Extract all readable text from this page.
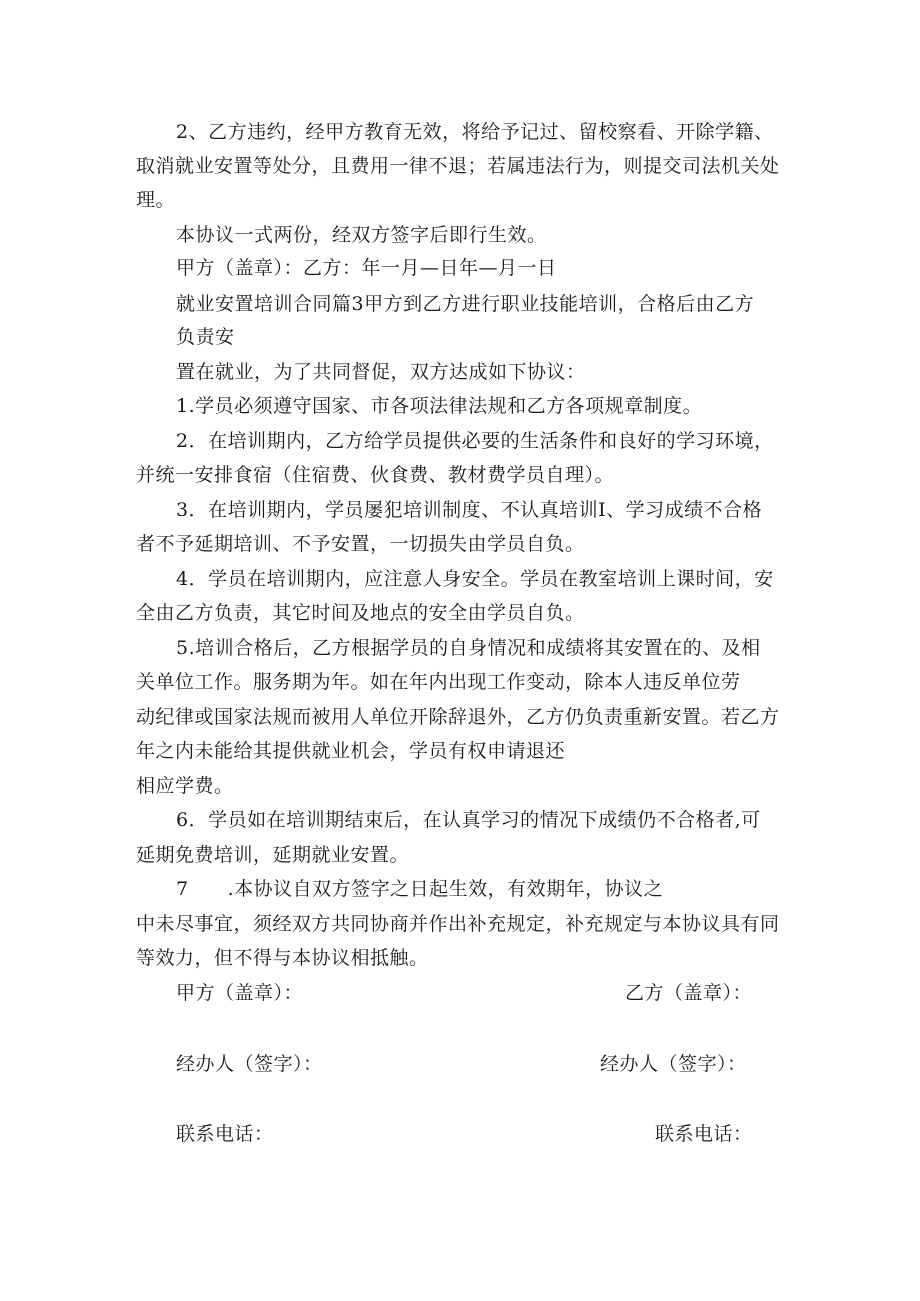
2、乙方违约，经甲方教育无效，将给予记过、留校察看、开除学籍、

取消就业安置等处分，且费用一律不退；若属违法行为，则提交司法机关处

理。

本协议一式两份，经双方签字后即行生效。

甲方（盖章）：乙方：年一月—日年—月一日

就业安置培训合同篇3甲方到乙方进行职业技能培训，合格后由乙方

负责安

置在就业，为了共同督促，双方达成如下协议：

1.学员必须遵守国家、市各项法律法规和乙方各项规章制度。

2．在培训期内，乙方给学员提供必要的生活条件和良好的学习环境，

并统一安排食宿（住宿费、伙食费、教材费学员自理）。

3．在培训期内，学员屡犯培训制度、不认真培训I、学习成绩不合格

者不予延期培训、不予安置，一切损失由学员自负。

4．学员在培训期内，应注意人身安全。学员在教室培训上课时间，安

全由乙方负责，其它时间及地点的安全由学员自负。

5.培训合格后，乙方根据学员的自身情况和成绩将其安置在的、及相

关单位工作。服务期为年。如在年内出现工作变动，除本人违反单位劳

动纪律或国家法规而被用人单位开除辞退外，乙方仍负责重新安置。若乙方

年之内未能给其提供就业机会，学员有权申请退还

相应学费。

6．学员如在培训期结束后，在认真学习的情况下成绩仍不合格者,可

延期免费培训，延期就业安置。

7　　.本协议自双方签字之日起生效，有效期年，协议之

中未尽事宜，须经双方共同协商并作出补充规定，补充规定与本协议具有同

等效力，但不得与本协议相抵触。

甲方（盖章）：	乙方（盖章）：
经办人（签字）：	经办人（签字）：
联系电话：	联系电话：
